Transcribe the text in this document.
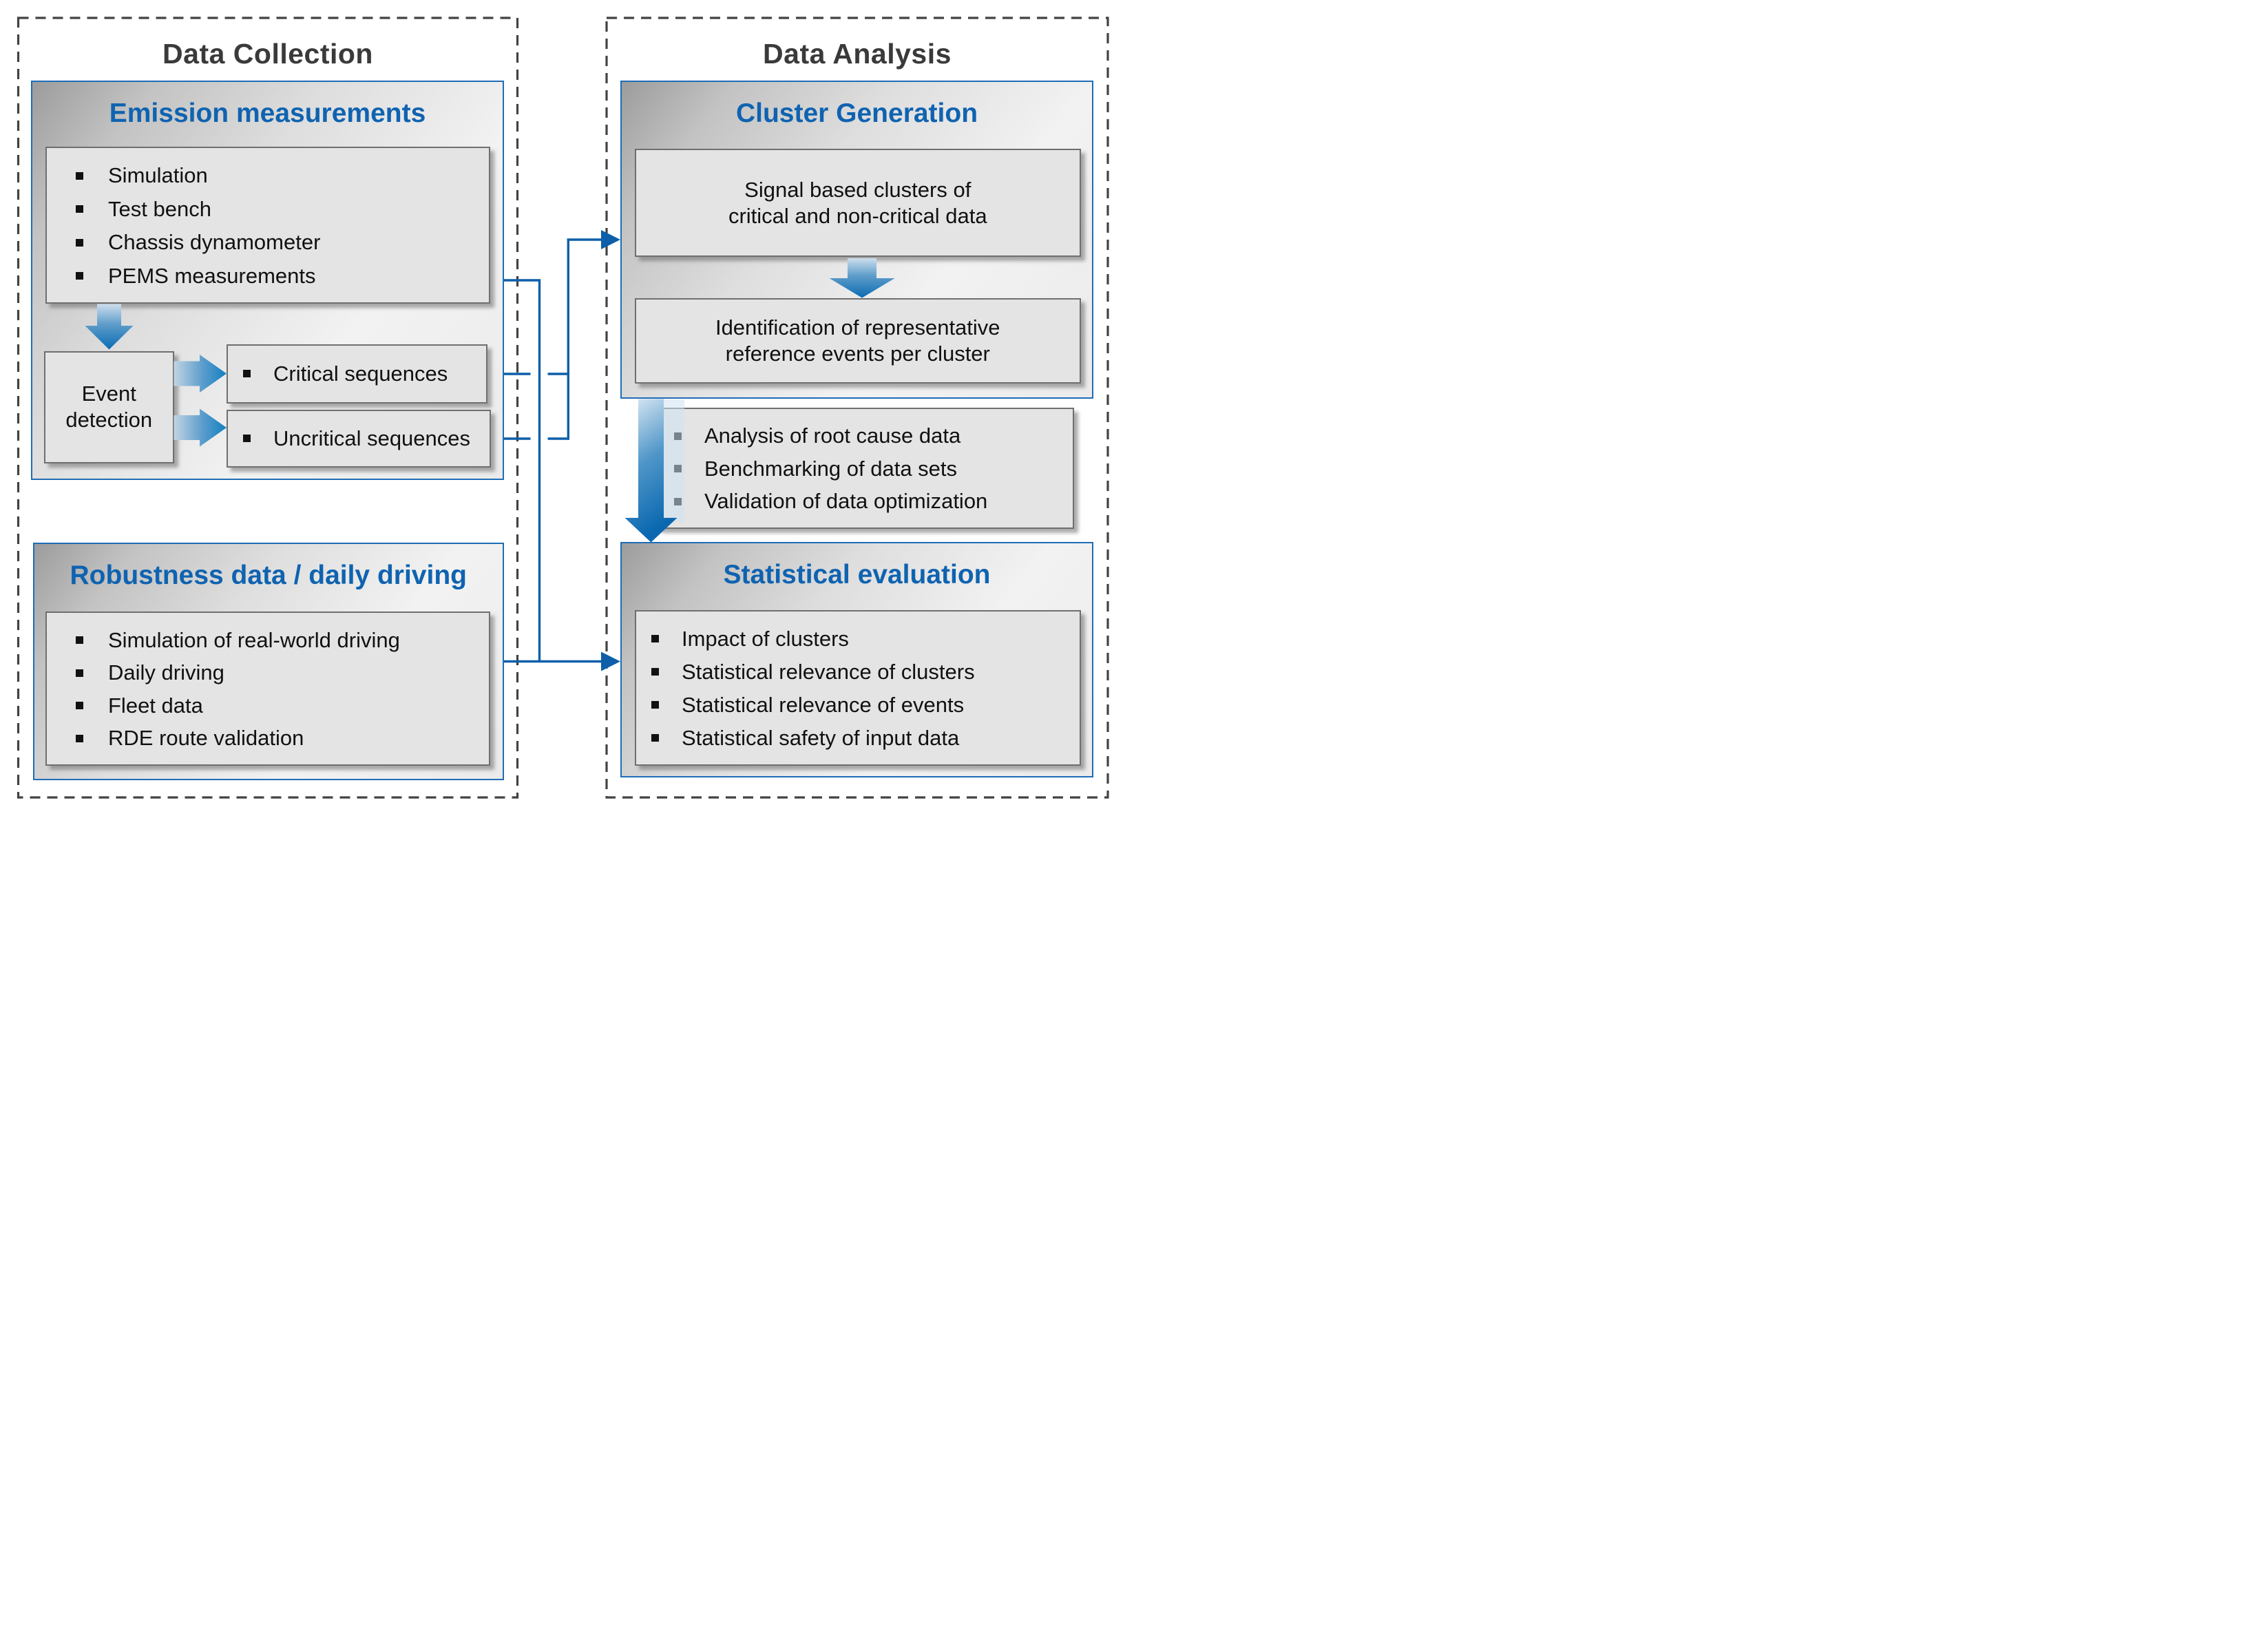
Data Collection
Emission measurements
Simulation
Test bench
Chassis dynamometer
PEMS measurements
Event detection
Critical sequences
Uncritical sequences
Robustness data / daily driving
Simulation of real-world driving
Daily driving
Fleet data
RDE route validation
Data Analysis
Cluster Generation
Signal based clusters of
critical and non-critical data
Identification of representative
reference events per cluster
Analysis of root cause data
Benchmarking of data sets
Validation of data optimization
Statistical evaluation
Impact of clusters
Statistical relevance of clusters
Statistical relevance of events
Statistical safety of input data
